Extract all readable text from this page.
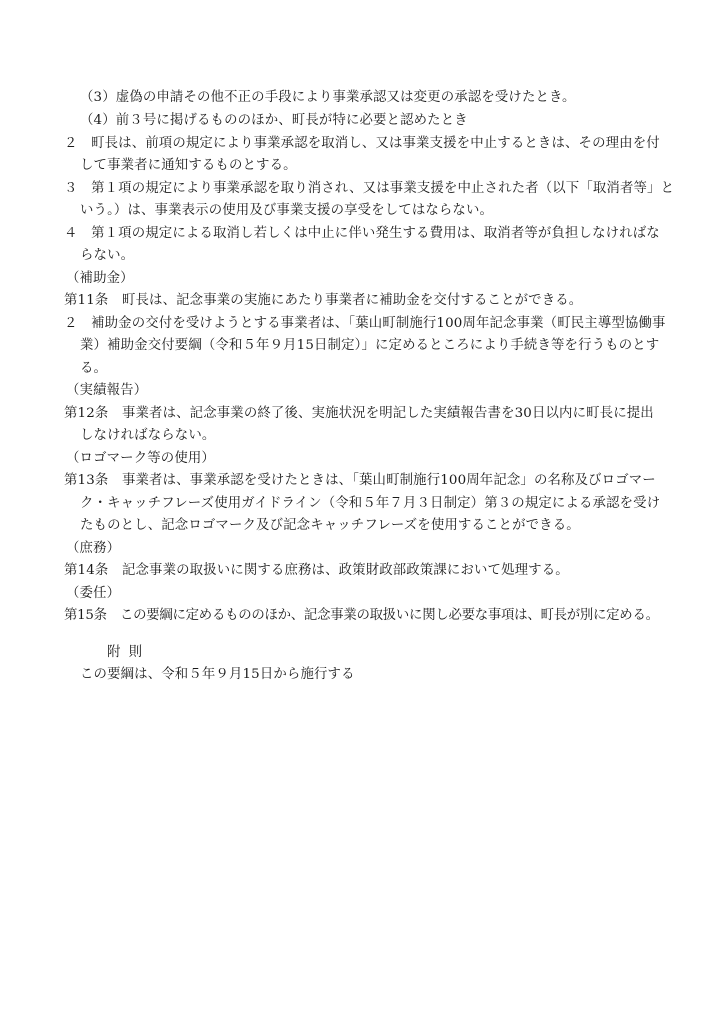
（3）虚偽の申請その他不正の手段により事業承認又は変更の承認を受けたとき。
（4）前３号に掲げるもののほか、町長が特に必要と認めたとき
２　町長は、前項の規定により事業承認を取消し、又は事業支援を中止するときは、その理由を付
して事業者に通知するものとする。
３　第１項の規定により事業承認を取り消され、又は事業支援を中止された者（以下「取消者等」と
いう。）は、事業表示の使用及び事業支援の享受をしてはならない。
４　第１項の規定による取消し若しくは中止に伴い発生する費用は、取消者等が負担しなければな
らない。
（補助金）
第11条　町長は、記念事業の実施にあたり事業者に補助金を交付することができる。
２　補助金の交付を受けようとする事業者は、「葉山町制施行100周年記念事業（町民主導型協働事
業）補助金交付要綱（令和５年９月15日制定）」に定めるところにより手続き等を行うものとす
る。
（実績報告）
第12条　事業者は、記念事業の終了後、実施状況を明記した実績報告書を30日以内に町長に提出
しなければならない。
（ロゴマーク等の使用）
第13条　事業者は、事業承認を受けたときは、「葉山町制施行100周年記念」の名称及びロゴマー
ク・キャッチフレーズ使用ガイドライン（令和５年７月３日制定）第３の規定による承認を受け
たものとし、記念ロゴマーク及び記念キャッチフレーズを使用することができる。
（庶務）
第14条　記念事業の取扱いに関する庶務は、政策財政部政策課において処理する。
（委任）
第15条　この要綱に定めるもののほか、記念事業の取扱いに関し必要な事項は、町長が別に定める。
附 則
この要綱は、令和５年９月15日から施行する
